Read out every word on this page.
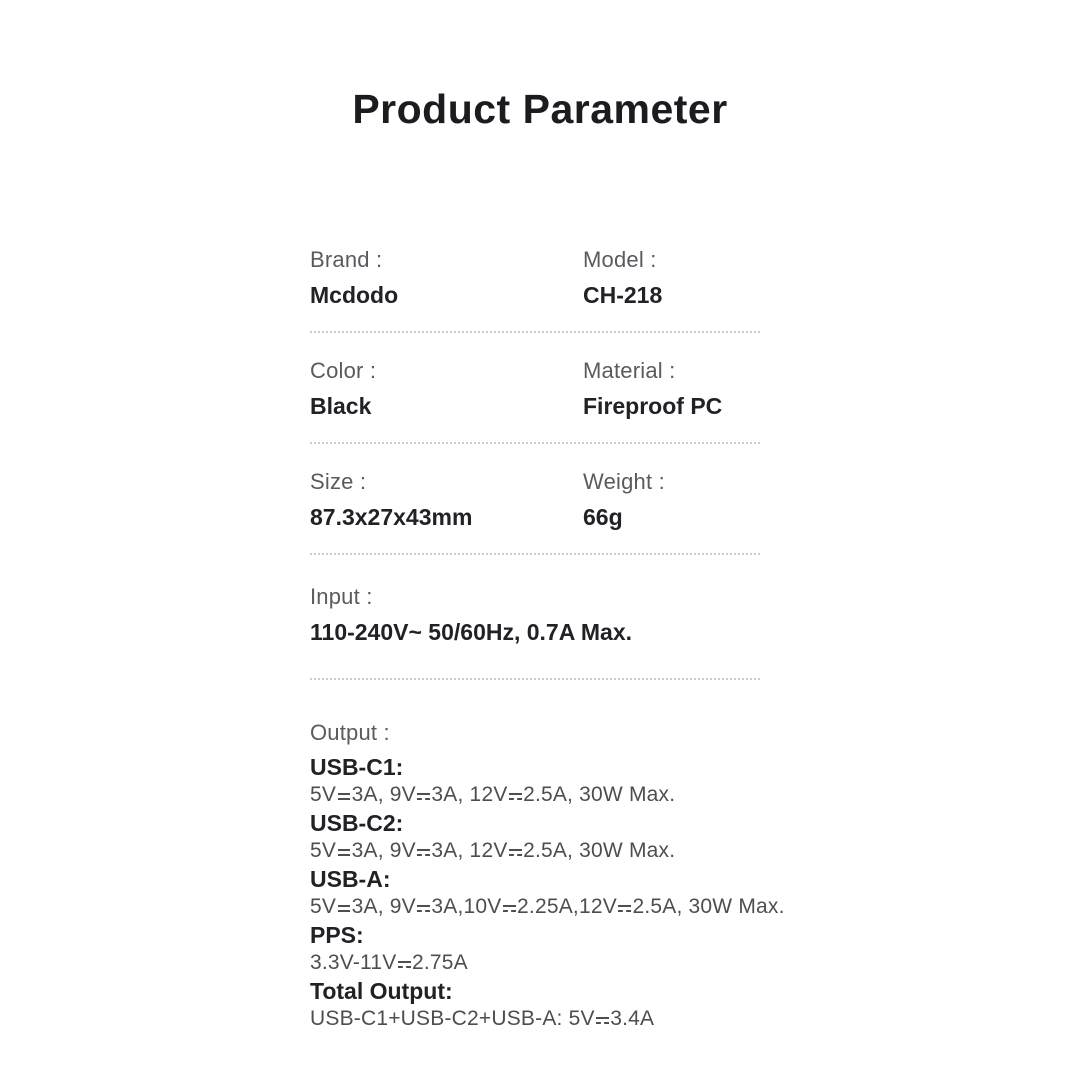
Product Parameter
Brand :
Mcdodo
Model :
CH-218
Color :
Black
Material :
Fireproof PC
Size :
87.3x27x43mm
Weight :
66g
Input :
110-240V~ 50/60Hz, 0.7A Max.
Output :
USB-C1:
5V 3A, 9V 3A, 12V 2.5A, 30W Max.
USB-C2:
5V 3A, 9V 3A, 12V 2.5A, 30W Max.
USB-A:
5V 3A, 9V 3A,10V 2.25A,12V 2.5A, 30W Max.
PPS:
3.3V-11V 2.75A
Total Output:
USB-C1+USB-C2+USB-A: 5V 3.4A
